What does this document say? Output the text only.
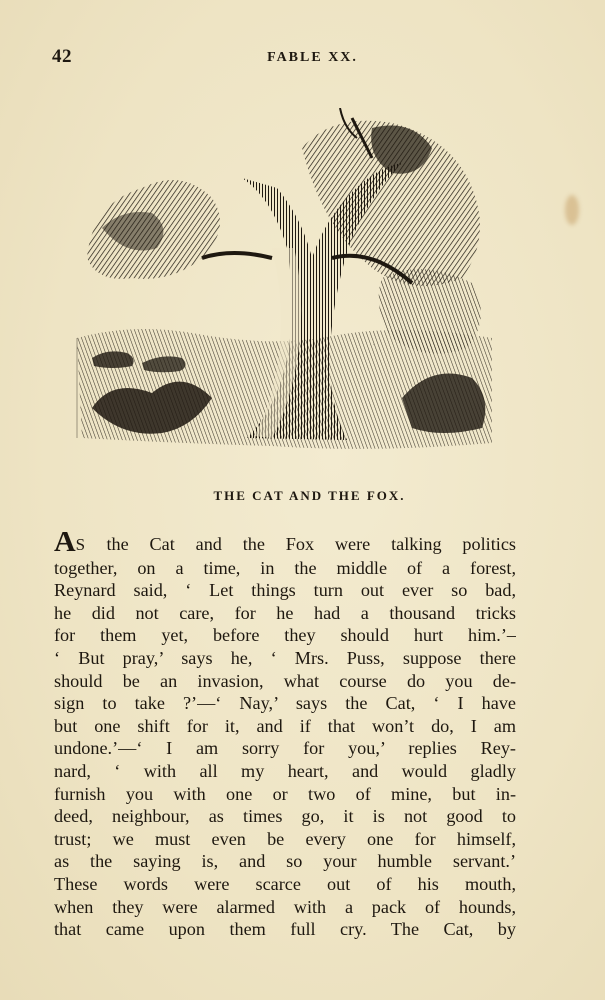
42	FABLE XX.
THE CAT AND THE FOX.
AS the Cat and the Fox were talking politics
together, on a time, in the middle of a forest,
Reynard said, ‘ Let things turn out ever so bad,
he did not care, for he had a thousand tricks
for them yet, before they should hurt him.’–
‘ But pray,’ says he, ‘ Mrs. Puss, suppose there
should be an invasion, what course do you de-
sign to take ?’—‘ Nay,’ says the Cat, ‘ I have
but one shift for it, and if that won’t do, I am
undone.’—‘ I am sorry for you,’ replies Rey-
nard, ‘ with all my heart, and would gladly
furnish you with one or two of mine, but in-
deed, neighbour, as times go, it is not good to
trust; we must even be every one for himself,
as the saying is, and so your humble servant.’
These words were scarce out of his mouth,
when they were alarmed with a pack of hounds,
that came upon them full cry. The Cat, by
